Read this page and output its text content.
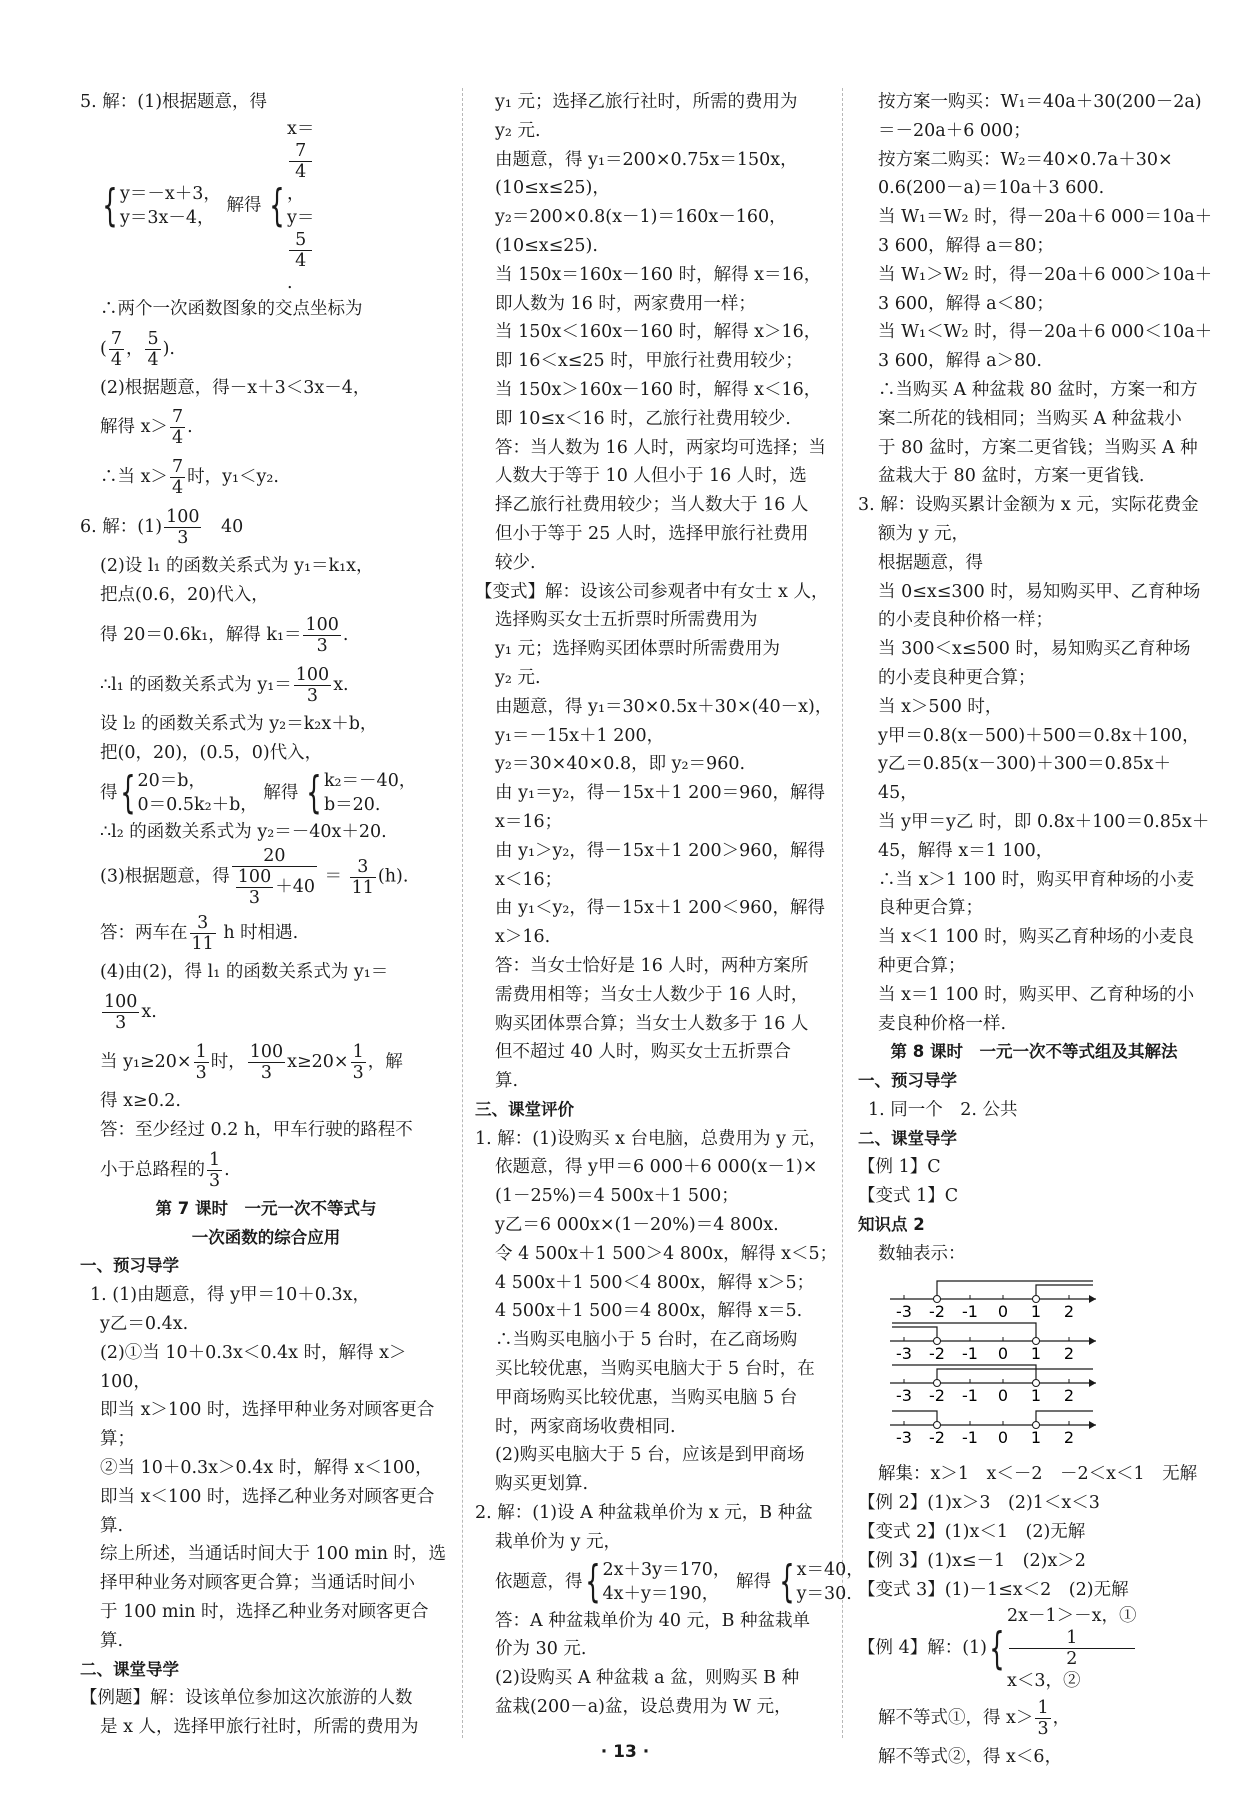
5. 解：(1)根据题意，得
{ y＝－x＋3，
y＝3x－4，
解得 {
x＝
7
4
，
y＝
5
4
.
∴两个一次函数图象的交点坐标为
( $\frac{7}{4}$ ， $\frac{5}{4}$ ).
(2)根据题意，得－x＋3＜3x－4，
解得 $x> \frac{7}{4}$ .
∴当 $x> \frac{7}{4}$ 时，y₁＜y₂.
6. 解：$(1) \frac{100}{3}$ 　40
(2)设 l₁ 的函数关系式为 y₁＝k₁x，
把点(0.6，20)代入，
得 20＝0.6k₁，解得 $k_1= \frac{100}{3}$ .
∴l₁ 的函数关系式为 $y_1= \frac{100}{3} x$.
设 l₂ 的函数关系式为 y₂＝k₂x＋b，
把(0，20)，(0.5，0)代入，
得{ 20＝b，
0＝0.5k₂＋b，
解得 { k₂＝－40，
b＝20.
∴l₂ 的函数关系式为 y₂＝－40x＋20.
(3)根据题意，得 $\frac{20}{\frac{100}{3} +40} = \frac{3}{11} (h)$.
答：两车在 $\frac{3}{11}$ h 时相遇.
(4)由(2)，得 l₁ 的函数关系式为 y₁＝
$\frac{100}{3} x$.
当 $y_1\ge 20\times \frac{1}{3}$ 时， $\frac{100}{3} x\ge 20\times \frac{1}{3}$ ，解
得 x≥0.2.
答：至少经过 0.2 h，甲车行驶的路程不
小于总路程的 $\frac{1}{3}$ .
第 7 课时　一元一次不等式与
一次函数的综合应用
一、预习导学
1. (1)由题意，得 y甲＝10＋0.3x，
y乙＝0.4x.
(2)①当 10＋0.3x＜0.4x 时，解得 x＞
100，
即当 x＞100 时，选择甲种业务对顾客更合
算；
②当 10＋0.3x＞0.4x 时，解得 x＜100，
即当 x＜100 时，选择乙种业务对顾客更合
算.
综上所述，当通话时间大于 100 min 时，选
择甲种业务对顾客更合算；当通话时间小
于 100 min 时，选择乙种业务对顾客更合
算.
二、课堂导学
【例题】解：设该单位参加这次旅游的人数
是 x 人，选择甲旅行社时，所需的费用为
y₁ 元；选择乙旅行社时，所需的费用为
y₂ 元.
由题意，得 y₁＝200×0.75x＝150x，
(10≤x≤25)，
y₂＝200×0.8(x－1)＝160x－160，
(10≤x≤25).
当 150x＝160x－160 时，解得 x＝16，
即人数为 16 时，两家费用一样；
当 150x＜160x－160 时，解得 x＞16，
即 16＜x≤25 时，甲旅行社费用较少；
当 150x＞160x－160 时，解得 x＜16，
即 10≤x＜16 时，乙旅行社费用较少.
答：当人数为 16 人时，两家均可选择；当
人数大于等于 10 人但小于 16 人时，选
择乙旅行社费用较少；当人数大于 16 人
但小于等于 25 人时，选择甲旅行社费用
较少.
【变式】解：设该公司参观者中有女士 x 人，
选择购买女士五折票时所需费用为
y₁ 元；选择购买团体票时所需费用为
y₂ 元.
由题意，得 y₁＝30×0.5x＋30×(40－x)，
y₁＝－15x＋1 200，
y₂＝30×40×0.8，即 y₂＝960.
由 y₁＝y₂，得－15x＋1 200＝960，解得
x＝16；
由 y₁＞y₂，得－15x＋1 200＞960，解得
x＜16；
由 y₁＜y₂，得－15x＋1 200＜960，解得
x＞16.
答：当女士恰好是 16 人时，两种方案所
需费用相等；当女士人数少于 16 人时，
购买团体票合算；当女士人数多于 16 人
但不超过 40 人时，购买女士五折票合
算.
三、课堂评价
1. 解：(1)设购买 x 台电脑，总费用为 y 元，
依题意，得 y甲＝6 000＋6 000(x－1)×
(1－25%)＝4 500x＋1 500；
y乙＝6 000x×(1－20%)＝4 800x.
令 4 500x＋1 500＞4 800x，解得 x＜5；
4 500x＋1 500＜4 800x，解得 x＞5；
4 500x＋1 500＝4 800x，解得 x＝5.
∴当购买电脑小于 5 台时，在乙商场购
买比较优惠，当购买电脑大于 5 台时，在
甲商场购买比较优惠，当购买电脑 5 台
时，两家商场收费相同.
(2)购买电脑大于 5 台，应该是到甲商场
购买更划算.
2. 解：(1)设 A 种盆栽单价为 x 元，B 种盆
栽单价为 y 元，
依题意，得{ 2x＋3y＝170，
4x＋y＝190，
解得 { x＝40，
y＝30.
答：A 种盆栽单价为 40 元，B 种盆栽单
价为 30 元.
(2)设购买 A 种盆栽 a 盆，则购买 B 种
盆栽(200－a)盆，设总费用为 W 元，
按方案一购买：W₁＝40a＋30(200－2a)
＝－20a＋6 000；
按方案二购买：W₂＝40×0.7a＋30×
0.6(200－a)＝10a＋3 600.
当 W₁＝W₂ 时，得－20a＋6 000＝10a＋
3 600，解得 a＝80；
当 W₁＞W₂ 时，得－20a＋6 000＞10a＋
3 600，解得 a＜80；
当 W₁＜W₂ 时，得－20a＋6 000＜10a＋
3 600，解得 a＞80.
∴当购买 A 种盆栽 80 盆时，方案一和方
案二所花的钱相同；当购买 A 种盆栽小
于 80 盆时，方案二更省钱；当购买 A 种
盆栽大于 80 盆时，方案一更省钱.
3. 解：设购买累计金额为 x 元，实际花费金
额为 y 元，
根据题意，得
当 0≤x≤300 时，易知购买甲、乙育种场
的小麦良种价格一样；
当 300＜x≤500 时，易知购买乙育种场
的小麦良种更合算；
当 x＞500 时，
y甲＝0.8(x－500)＋500＝0.8x＋100，
y乙＝0.85(x－300)＋300＝0.85x＋
45，
当 y甲＝y乙 时，即 0.8x＋100＝0.85x＋
45，解得 x＝1 100，
∴当 x＞1 100 时，购买甲育种场的小麦
良种更合算；
当 x＜1 100 时，购买乙育种场的小麦良
种更合算；
当 x＝1 100 时，购买甲、乙育种场的小
麦良种价格一样.
第 8 课时　一元一次不等式组及其解法
一、预习导学
1. 同一个　2. 公共
二、课堂导学
【例 1】C
【变式 1】C
知识点 2
数轴表示：
-3 -2 -1 0 1 2
-3 -2 -1 0 1 2
-3 -2 -1 0 1 2
-3 -2 -1 0 1 2
解集：x＞1　x＜－2　－2＜x＜1　无解
【例 2】(1)x＞3　(2)1＜x＜3
【变式 2】(1)x＜1　(2)无解
【例 3】(1)x≤－1　(2)x＞2
【变式 3】(1)－1≤x＜2　(2)无解
【例 4】解：(1){
2x－1＞－x，①
1
2
x＜3，②
解不等式①，得 $x> \frac{1}{3}$ ，
解不等式②，得 x＜6，
· 13 ·
